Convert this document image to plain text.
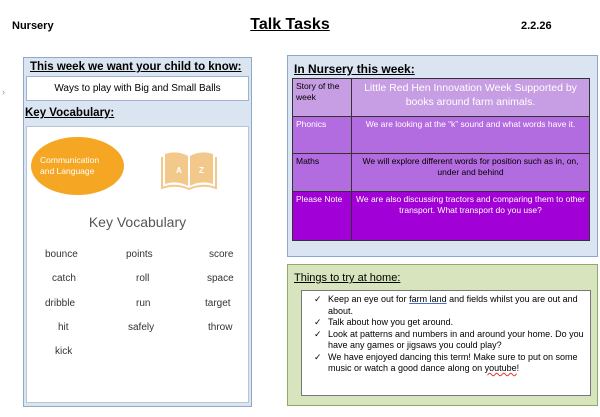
Nursery	Talk Tasks	2.2.26
›
This week we want your child to know:
Ways to play with Big and Small Balls
Key Vocabulary:
Communication
and Language	A Z
Key Vocabulary
bounce	points	score
catch	roll	space
dribble	run	target
hit	safely	throw
kick
In Nursery this week:
Story of the week	Little Red Hen Innovation Week Supported by books around farm animals.
Phonics	We are looking at the “k” sound and what words have it.
Maths	We will explore different words for position such as in, on, under and behind
Please Note	We are also discussing tractors and comparing them to other transport. What transport do you use?
Things to try at home:
✓ Keep an eye out for farm land and fields whilst you are out and about.
✓ Talk about how you get around.
✓ Look at patterns and numbers in and around your home. Do you have any games or jigsaws you could play?
✓ We have enjoyed dancing this term! Make sure to put on some music or watch a good dance along on youtube!
